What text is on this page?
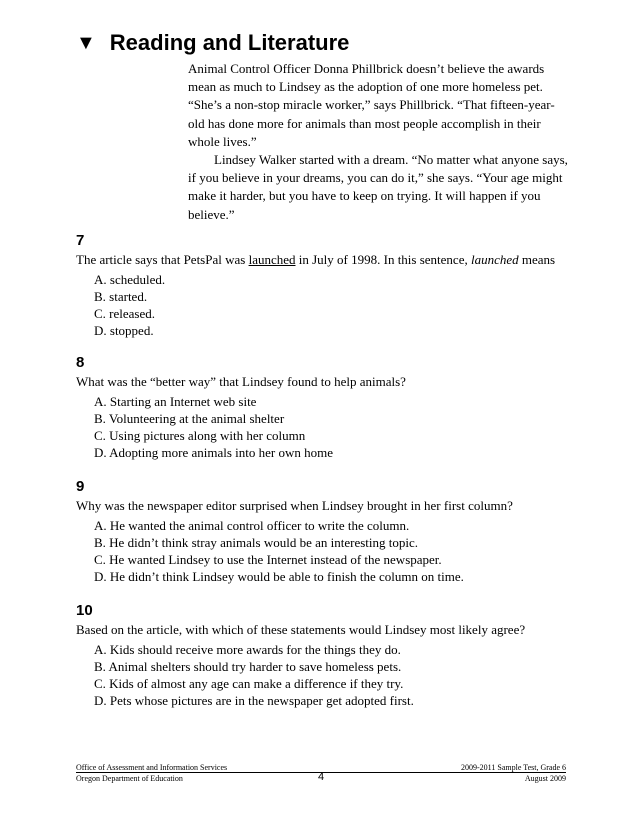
▼ Reading and Literature

Animal Control Officer Donna Phillbrick doesn’t believe the awards mean as much to Lindsey as the adoption of one more homeless pet. “She’s a non-stop miracle worker,” says Phillbrick. “That fifteen-year-old has done more for animals than most people accomplish in their whole lives.”

Lindsey Walker started with a dream. “No matter what anyone says, if you believe in your dreams, you can do it,” she says. “Your age might make it harder, but you have to keep on trying. It will happen if you believe.”

7
The article says that PetsPal was launched in July of 1998. In this sentence, launched means
A. scheduled.
B. started.
C. released.
D. stopped.
8
What was the “better way” that Lindsey found to help animals?
A. Starting an Internet web site
B. Volunteering at the animal shelter
C. Using pictures along with her column
D. Adopting more animals into her own home
9
Why was the newspaper editor surprised when Lindsey brought in her first column?
A. He wanted the animal control officer to write the column.
B. He didn’t think stray animals would be an interesting topic.
C. He wanted Lindsey to use the Internet instead of the newspaper.
D. He didn’t think Lindsey would be able to finish the column on time.
10
Based on the article, with which of these statements would Lindsey most likely agree?
A. Kids should receive more awards for the things they do.
B. Animal shelters should try harder to save homeless pets.
C. Kids of almost any age can make a difference if they try.
D. Pets whose pictures are in the newspaper get adopted first.
Office of Assessment and Information Services
Oregon Department of Education	4
2009-2011 Sample Test, Grade 6
August 2009
